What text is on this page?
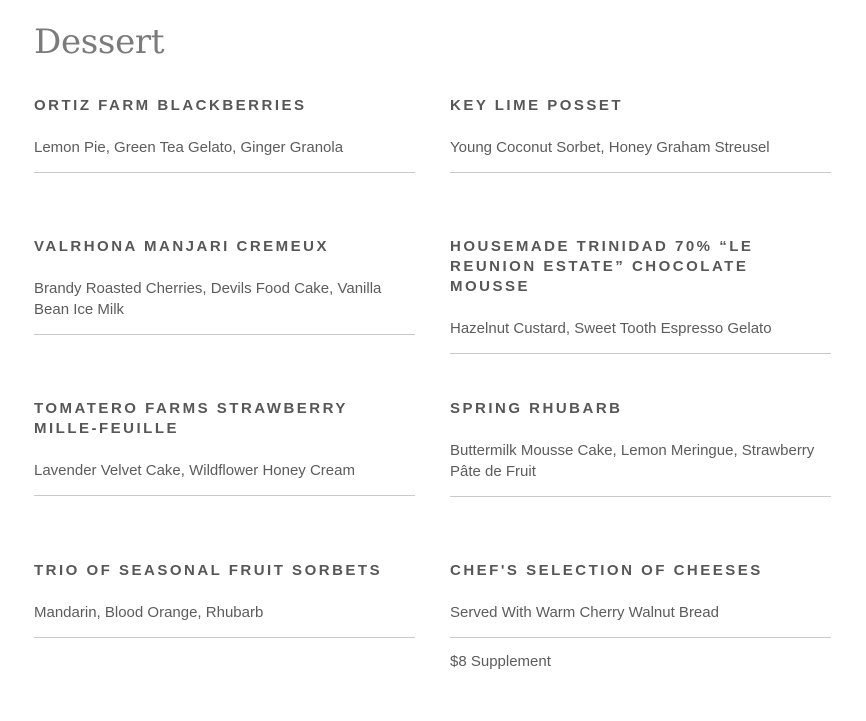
Dessert
ORTIZ FARM BLACKBERRIES

Lemon Pie, Green Tea Gelato, Ginger Granola

KEY LIME POSSET

Young Coconut Sorbet, Honey Graham Streusel

VALRHONA MANJARI CREMEUX

Brandy Roasted Cherries, Devils Food Cake, Vanilla Bean Ice Milk

HOUSEMADE TRINIDAD 70% “LE REUNION ESTATE” CHOCOLATE MOUSSE

Hazelnut Custard, Sweet Tooth Espresso Gelato

TOMATERO FARMS STRAWBERRY MILLE-FEUILLE

Lavender Velvet Cake, Wildflower Honey Cream

SPRING RHUBARB

Buttermilk Mousse Cake, Lemon Meringue, Strawberry Pâte de Fruit

TRIO OF SEASONAL FRUIT SORBETS

Mandarin, Blood Orange, Rhubarb

CHEF'S SELECTION OF CHEESES

Served With Warm Cherry Walnut Bread

$8 Supplement
